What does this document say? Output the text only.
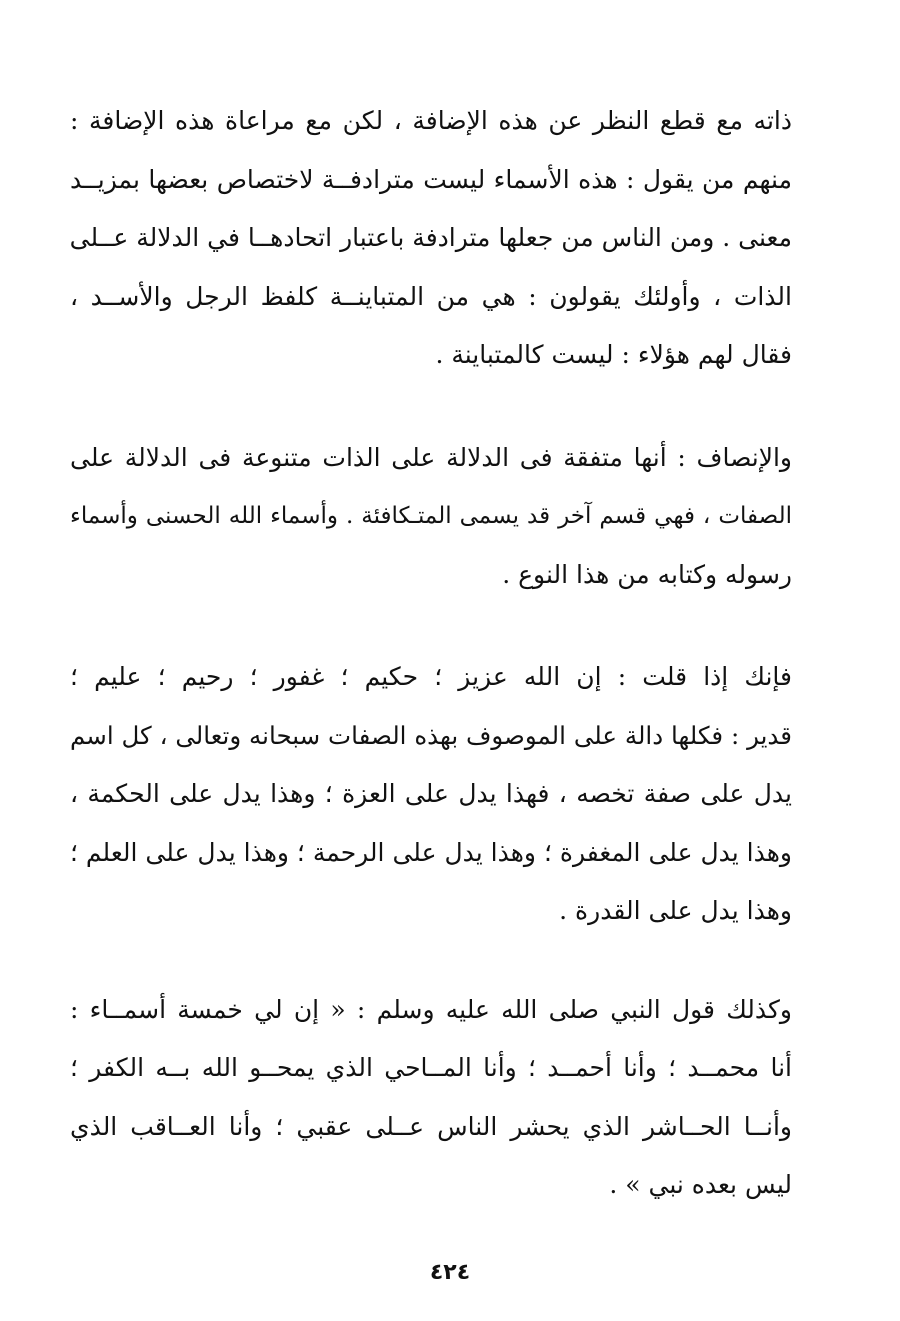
ذاته مع قطع النظر عن هذه الإضافة ، لكن مع مراعاة هذه الإضافة :
منهم من يقول : هذه الأسماء ليست مترادفــة لاختصاص بعضها بمزيــد
معنى . ومن الناس من جعلها مترادفة باعتبار اتحادهــا في الدلالة عــلى
الذات ، وأولئك يقولون : هي من المتباينــة كلفظ الرجل والأســد ،
فقال لهم هؤلاء : ليست كالمتباينة .
والإنصاف : أنها متفقة فى الدلالة على الذات متنوعة فى الدلالة على
الصفات ، فهي قسم آخر قد يسمى المتـكافئة . وأسماء الله الحسنى وأسماء
رسوله وكتابه من هذا النوع .
فإنك إذا قلت : إن الله عزيز ؛ حكيم ؛ غفور ؛ رحيم ؛ عليم ؛
قدير : فكلها دالة على الموصوف بهذه الصفات سبحانه وتعالى ، كل اسم
يدل على صفة تخصه ، فهذا يدل على العزة ؛ وهذا يدل على الحكمة ،
وهذا يدل على المغفرة ؛ وهذا يدل على الرحمة ؛ وهذا يدل على العلم ؛
وهذا يدل على القدرة .
وكذلك قول النبي صلى الله عليه وسلم : « إن لي خمسة أسمــاء :
أنا محمــد ؛ وأنا أحمــد ؛ وأنا المــاحي الذي يمحــو الله بــه الكفر ؛
وأنــا الحــاشر الذي يحشر الناس عــلى عقبي ؛ وأنا العــاقب الذي
ليس بعده نبي » .
٤٢٤
